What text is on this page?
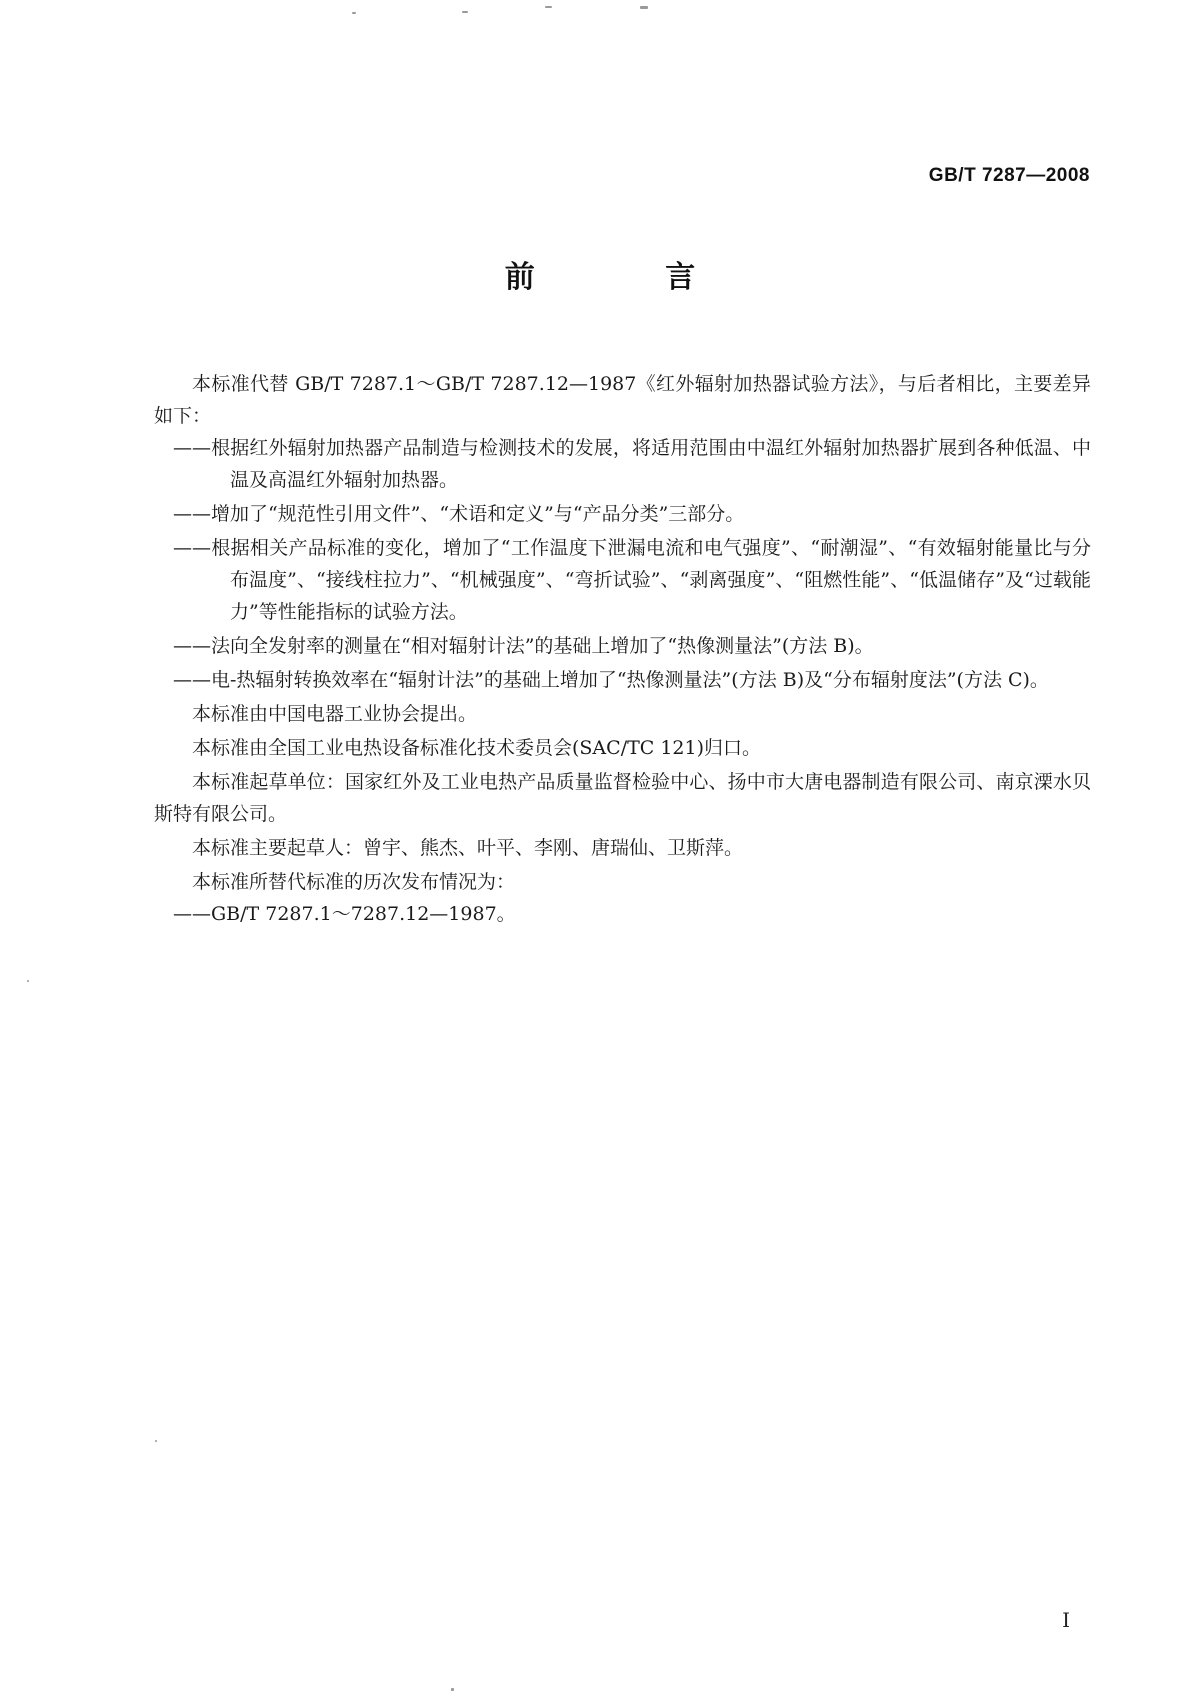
GB/T 7287—2008
前 言

本标准代替 GB/T 7287.1～GB/T 7287.12—1987《红外辐射加热器试验方法》，与后者相比，主要差异如下：

——根据红外辐射加热器产品制造与检测技术的发展，将适用范围由中温红外辐射加热器扩展到各种低温、中温及高温红外辐射加热器。

——增加了“规范性引用文件”、“术语和定义”与“产品分类”三部分。

——根据相关产品标准的变化，增加了“工作温度下泄漏电流和电气强度”、“耐潮湿”、“有效辐射能量比与分布温度”、“接线柱拉力”、“机械强度”、“弯折试验”、“剥离强度”、“阻燃性能”、“低温储存”及“过载能力”等性能指标的试验方法。

——法向全发射率的测量在“相对辐射计法”的基础上增加了“热像测量法”(方法 B)。

——电-热辐射转换效率在“辐射计法”的基础上增加了“热像测量法”(方法 B)及“分布辐射度法”(方法 C)。

本标准由中国电器工业协会提出。

本标准由全国工业电热设备标准化技术委员会(SAC/TC 121)归口。

本标准起草单位：国家红外及工业电热产品质量监督检验中心、扬中市大唐电器制造有限公司、南京溧水贝斯特有限公司。

本标准主要起草人：曾宇、熊杰、叶平、李刚、唐瑞仙、卫斯萍。

本标准所替代标准的历次发布情况为：

——GB/T 7287.1～7287.12—1987。

I
